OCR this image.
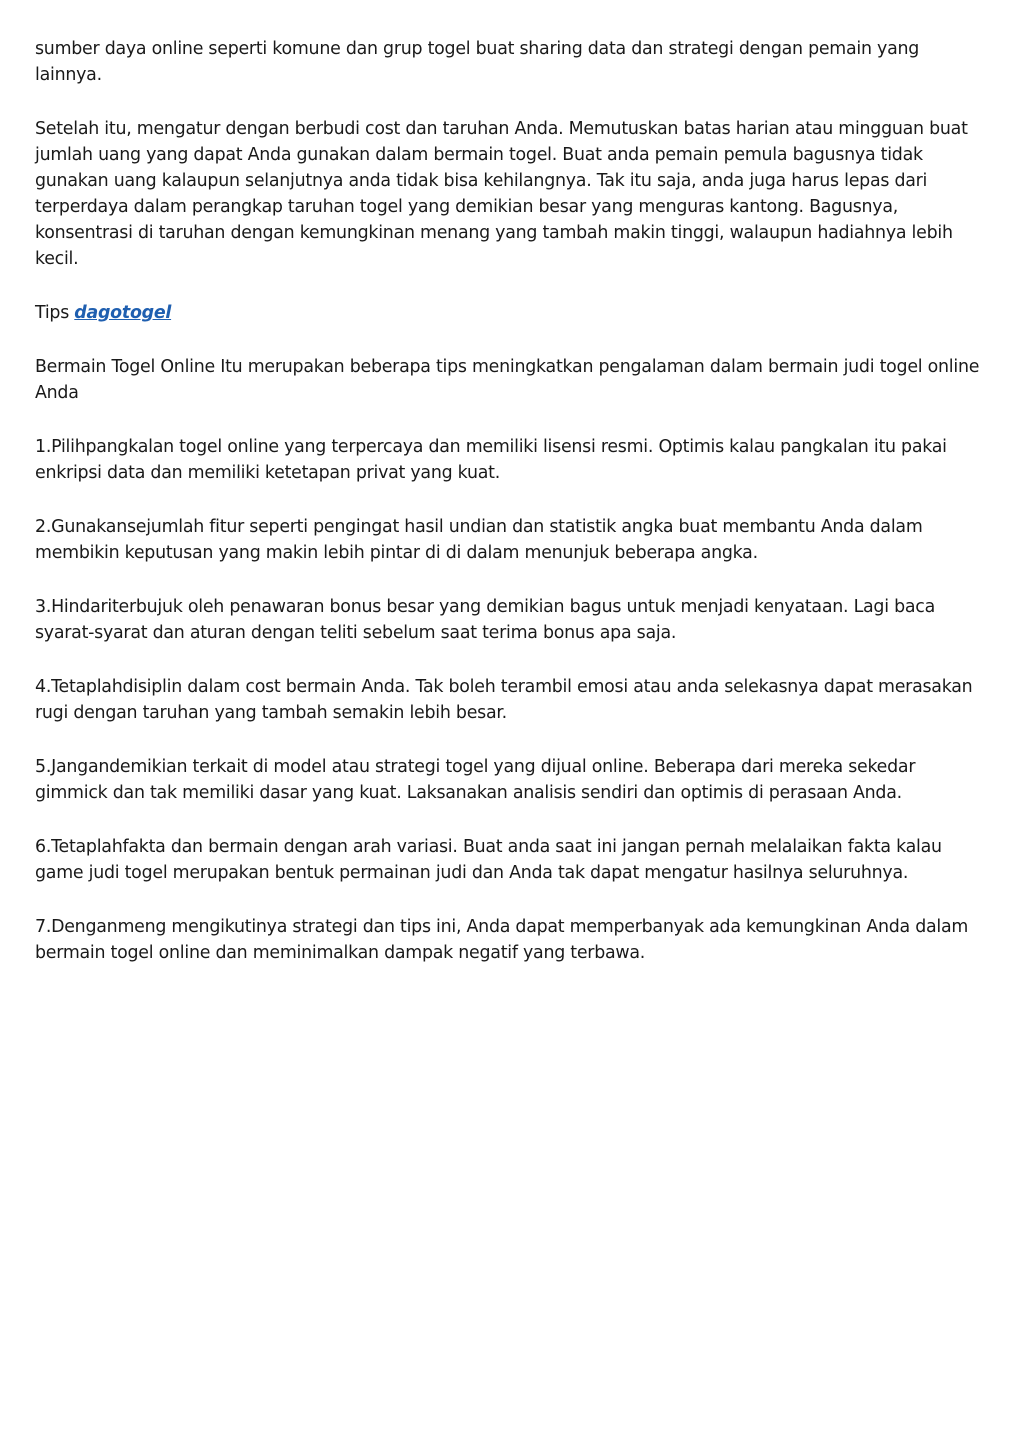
sumber daya online seperti komune dan grup togel buat sharing data dan strategi dengan pemain yang lainnya.

Setelah itu, mengatur dengan berbudi cost dan taruhan Anda. Memutuskan batas harian atau mingguan buat jumlah uang yang dapat Anda gunakan dalam bermain togel. Buat anda pemain pemula bagusnya tidak gunakan uang kalaupun selanjutnya anda tidak bisa kehilangnya. Tak itu saja, anda juga harus lepas dari terperdaya dalam perangkap taruhan togel yang demikian besar yang menguras kantong. Bagusnya, konsentrasi di taruhan dengan kemungkinan menang yang tambah makin tinggi, walaupun hadiahnya lebih kecil.

Tips dagotogel

Bermain Togel Online Itu merupakan beberapa tips meningkatkan pengalaman dalam bermain judi togel online Anda

1.Pilihpangkalan togel online yang terpercaya dan memiliki lisensi resmi. Optimis kalau pangkalan itu pakai enkripsi data dan memiliki ketetapan privat yang kuat.

2.Gunakansejumlah fitur seperti pengingat hasil undian dan statistik angka buat membantu Anda dalam membikin keputusan yang makin lebih pintar di di dalam menunjuk beberapa angka.

3.Hindariterbujuk oleh penawaran bonus besar yang demikian bagus untuk menjadi kenyataan. Lagi baca syarat-syarat dan aturan dengan teliti sebelum saat terima bonus apa saja.

4.Tetaplahdisiplin dalam cost bermain Anda. Tak boleh terambil emosi atau anda selekasnya dapat merasakan rugi dengan taruhan yang tambah semakin lebih besar.

5.Jangandemikian terkait di model atau strategi togel yang dijual online. Beberapa dari mereka sekedar gimmick dan tak memiliki dasar yang kuat. Laksanakan analisis sendiri dan optimis di perasaan Anda.

6.Tetaplahfakta dan bermain dengan arah variasi. Buat anda saat ini jangan pernah melalaikan fakta kalau game judi togel merupakan bentuk permainan judi dan Anda tak dapat mengatur hasilnya seluruhnya.

7.Denganmeng mengikutinya strategi dan tips ini, Anda dapat memperbanyak ada kemungkinan Anda dalam bermain togel online dan meminimalkan dampak negatif yang terbawa.
